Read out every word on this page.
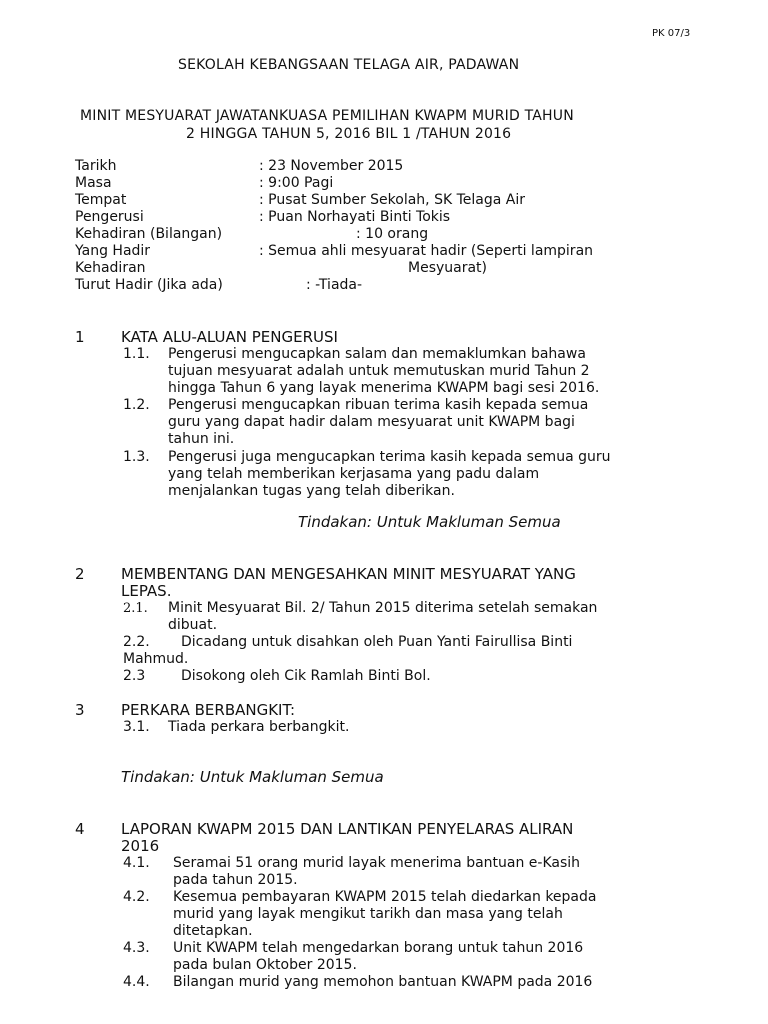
PK 07/3
SEKOLAH KEBANGSAAN TELAGA AIR, PADAWAN
MINIT MESYUARAT JAWATANKUASA PEMILIHAN KWAPM MURID TAHUN
2 HINGGA TAHUN 5, 2016 BIL 1 /TAHUN 2016
Tarikh	: 23 November 2015
Masa	: 9:00 Pagi
Tempat	: Pusat Sumber Sekolah, SK Telaga Air
Pengerusi	: Puan Norhayati Binti Tokis
Kehadiran (Bilangan)	: 10 orang
Yang Hadir	: Semua ahli mesyuarat hadir (Seperti lampiran
Kehadiran	Mesyuarat)
Turut Hadir (Jika ada)	: -Tiada-
1 KATA ALU-ALUAN PENGERUSI
1.1. Pengerusi mengucapkan salam dan memaklumkan bahawa
tujuan mesyuarat adalah untuk memutuskan murid Tahun 2
hingga Tahun 6 yang layak menerima KWAPM bagi sesi 2016.
1.2. Pengerusi mengucapkan ribuan terima kasih kepada semua
guru yang dapat hadir dalam mesyuarat unit KWAPM bagi
tahun ini.
1.3. Pengerusi juga mengucapkan terima kasih kepada semua guru
yang telah memberikan kerjasama yang padu dalam
menjalankan tugas yang telah diberikan.
Tindakan: Untuk Makluman Semua
2 MEMBENTANG DAN MENGESAHKAN MINIT MESYUARAT YANG
LEPAS.
2.1. Minit Mesyuarat Bil. 2/ Tahun 2015 diterima setelah semakan
dibuat.
2.2. Dicadang untuk disahkan oleh Puan Yanti Fairullisa Binti
Mahmud.
2.3	Disokong oleh Cik Ramlah Binti Bol.
3 PERKARA BERBANGKIT:
3.1. Tiada perkara berbangkit.
Tindakan: Untuk Makluman Semua
4 LAPORAN KWAPM 2015 DAN LANTIKAN PENYELARAS ALIRAN
2016
4.1. Seramai 51 orang murid layak menerima bantuan e-Kasih
pada tahun 2015.
4.2. Kesemua pembayaran KWAPM 2015 telah diedarkan kepada
murid yang layak mengikut tarikh dan masa yang telah
ditetapkan.
4.3. Unit KWAPM telah mengedarkan borang untuk tahun 2016
pada bulan Oktober 2015.
4.4. Bilangan murid yang memohon bantuan KWAPM pada 2016
